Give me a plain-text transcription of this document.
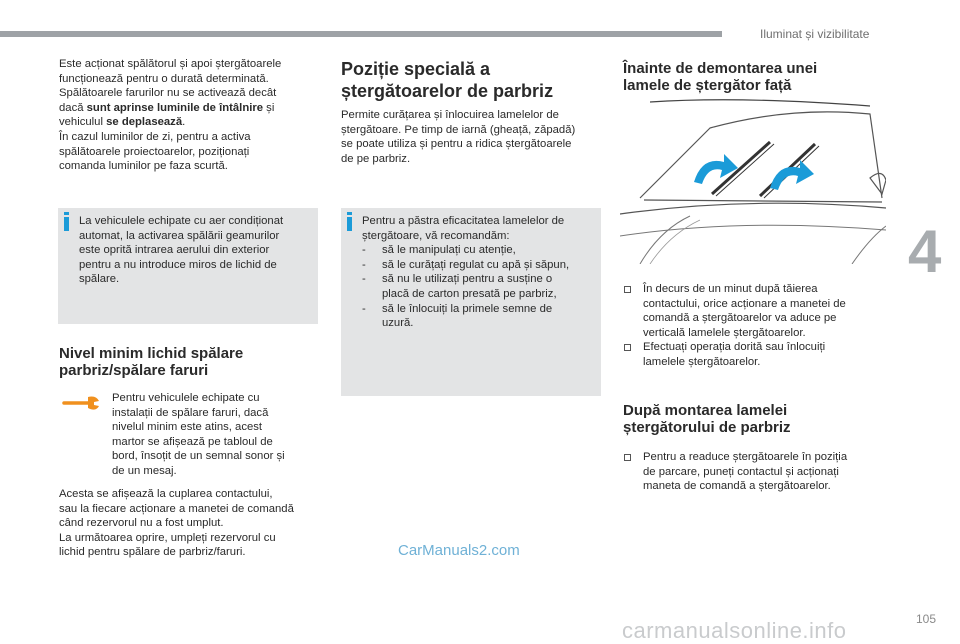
Iluminat și vizibilitate
4
105

Este acționat spălătorul și apoi ștergătoarele

funcționează pentru o durată determinată.

Spălătoarele farurilor nu se activează decât

dacă sunt aprinse luminile de întâlnire și

vehiculul se deplasează.

În cazul luminilor de zi, pentru a activa

spălătoarele proiectoarelor, poziționați

comanda luminilor pe faza scurtă.

La vehiculele echipate cu aer condiționat

automat, la activarea spălării geamurilor

este oprită intrarea aerului din exterior

pentru a nu introduce miros de lichid de

spălare.

Nivel minim lichid spălare
parbriz/spălare faruri

Pentru vehiculele echipate cu

instalații de spălare faruri, dacă

nivelul minim este atins, acest

martor se afișează pe tabloul de

bord, însoțit de un semnal sonor și

de un mesaj.

Acesta se afișează la cuplarea contactului,

sau la fiecare acționare a manetei de comandă

când rezervorul nu a fost umplut.

La următoarea oprire, umpleți rezervorul cu

lichid pentru spălare de parbriz/faruri.

Poziție specială a
ștergătoarelor de parbriz

Permite curățarea și înlocuirea lamelelor de

ștergătoare. Pe timp de iarnă (gheață, zăpadă)

se poate utiliza și pentru a ridica ștergătoarele

de pe parbriz.

Pentru a păstra eficacitatea lamelelor de

ștergătoare, vă recomandăm:

- să le manipulați cu atenție,
- să le curățați regulat cu apă și săpun,
- să nu le utilizați pentru a susține o
placă de carton presată pe parbriz,
- să le înlocuiți la primele semne de
uzură.
Înainte de demontarea unei
lamele de ștergător față
În decurs de un minut după tăierea
contactului, orice acționare a manetei de
comandă a ștergătoarelor va aduce pe
verticală lamelele ștergătoarelor.
Efectuați operația dorită sau înlocuiți
lamelele ștergătoarelor.
După montarea lamelei
ștergătorului de parbriz
Pentru a readuce ștergătoarele în poziția
de parcare, puneți contactul și acționați
maneta de comandă a ștergătoarelor.
CarManuals2.com
carmanualsonline.info
